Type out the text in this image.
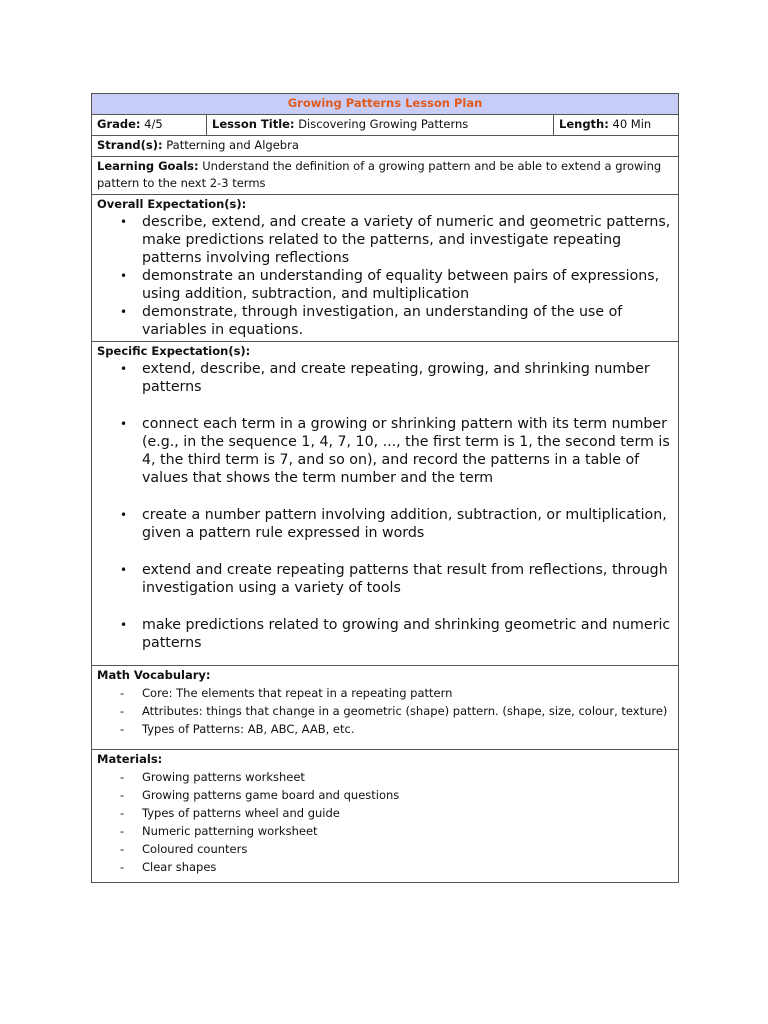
Growing Patterns Lesson Plan
Grade: 4/5	Lesson Title: Discovering Growing Patterns	Length: 40 Min
Strand(s): Patterning and Algebra
Learning Goals: Understand the definition of a growing pattern and be able to extend a growing pattern to the next 2-3 terms

Overall Expectation(s):
• describe, extend, and create a variety of numeric and geometric patterns, make predictions related to the patterns, and investigate repeating patterns involving reflections
• demonstrate an understanding of equality between pairs of expressions, using addition, subtraction, and multiplication
• demonstrate, through investigation, an understanding of the use of variables in equations.

Specific Expectation(s):
• extend, describe, and create repeating, growing, and shrinking number patterns
• connect each term in a growing or shrinking pattern with its term number (e.g., in the sequence 1, 4, 7, 10, ..., the first term is 1, the second term is 4, the third term is 7, and so on), and record the patterns in a table of values that shows the term number and the term
• create a number pattern involving addition, subtraction, or multiplication, given a pattern rule expressed in words
• extend and create repeating patterns that result from reflections, through investigation using a variety of tools
• make predictions related to growing and shrinking geometric and numeric patterns

Math Vocabulary:
- Core: The elements that repeat in a repeating pattern
- Attributes: things that change in a geometric (shape) pattern. (shape, size, colour, texture)
- Types of Patterns: AB, ABC, AAB, etc.

Materials:
- Growing patterns worksheet
- Growing patterns game board and questions
- Types of patterns wheel and guide
- Numeric patterning worksheet
- Coloured counters
- Clear shapes
